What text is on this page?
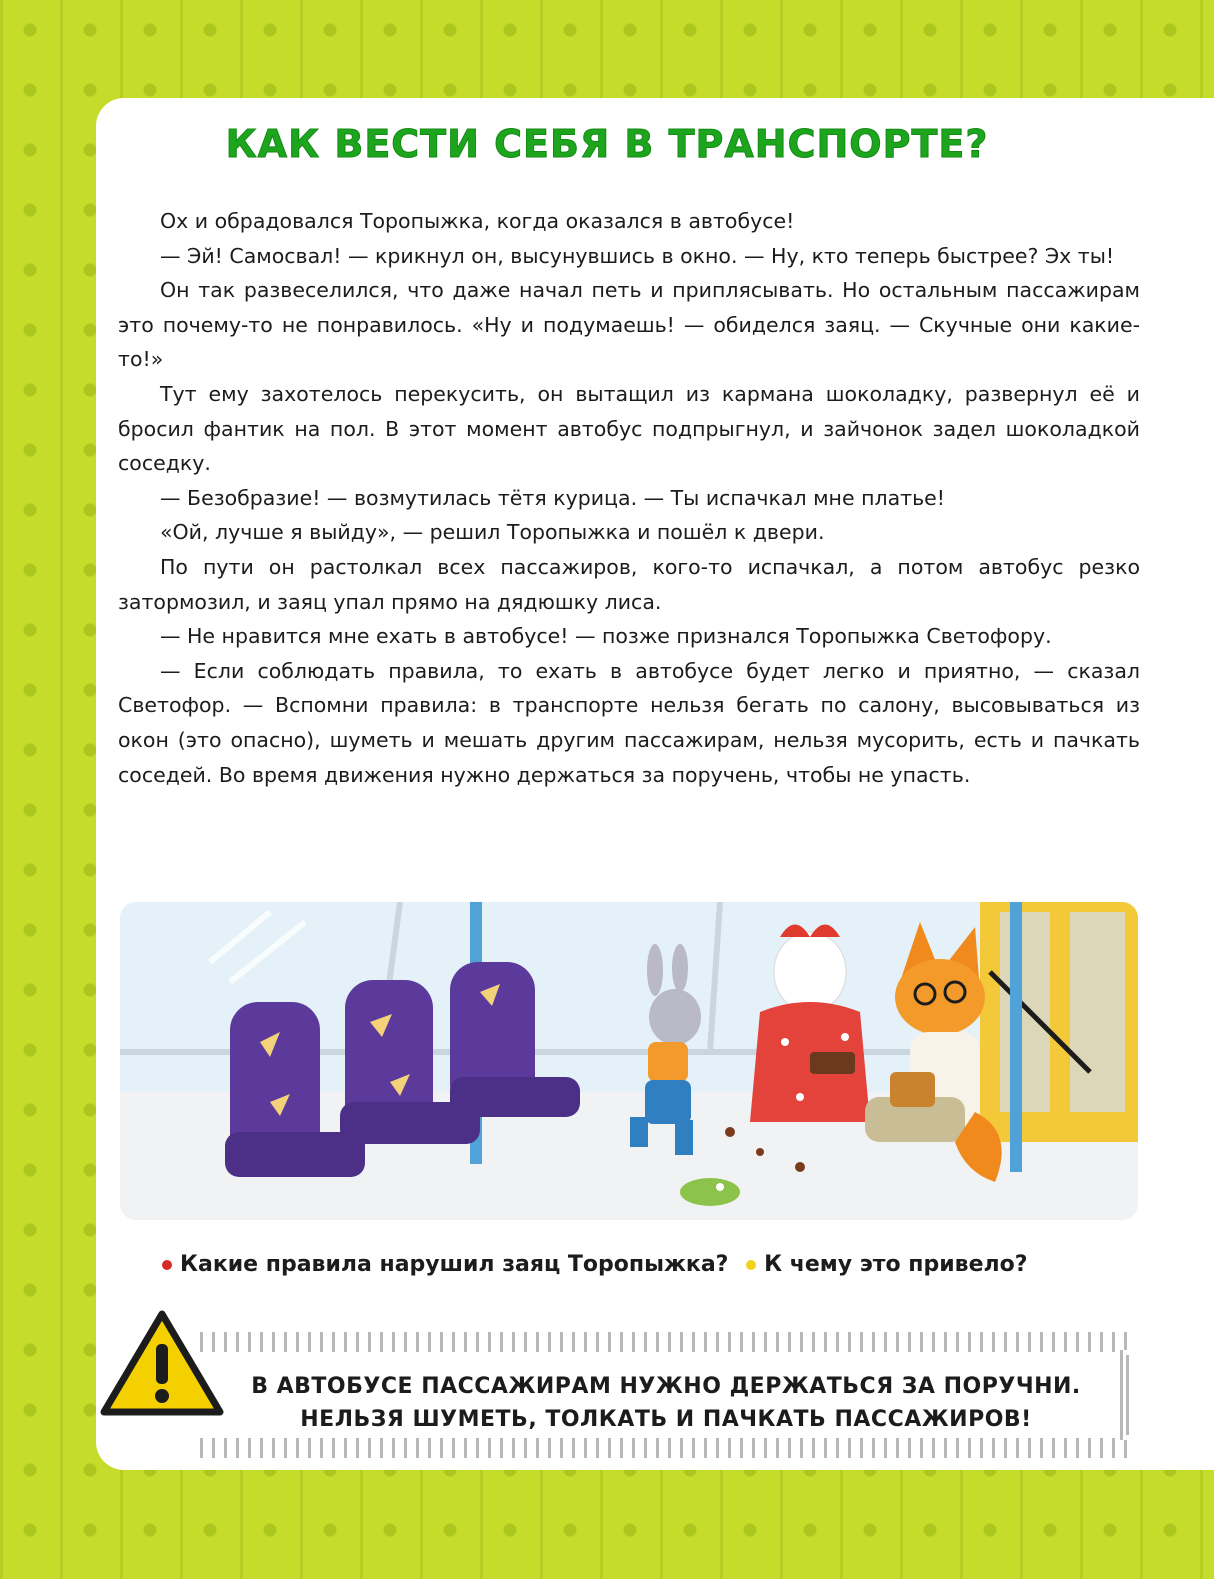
КАК ВЕСТИ СЕБЯ В ТРАНСПОРТЕ?

Ох и обрадовался Торопыжка, когда оказался в автобусе!

— Эй! Самосвал! — крикнул он, высунувшись в окно. — Ну, кто теперь быстрее? Эх ты!

Он так развеселился, что даже начал петь и приплясывать. Но остальным пассажирам это почему-то не понравилось. «Ну и подумаешь! — обиделся заяц. — Скучные они какие-то!»

Тут ему захотелось перекусить, он вытащил из кармана шоколадку, развернул её и бросил фантик на пол. В этот момент автобус подпрыгнул, и зайчонок задел шоколадкой соседку.

— Безобразие! — возмутилась тётя курица. — Ты испачкал мне платье!

«Ой, лучше я выйду», — решил Торопыжка и пошёл к двери.

По пути он растолкал всех пассажиров, кого-то испачкал, а потом автобус резко затормозил, и заяц упал прямо на дядюшку лиса.

— Не нравится мне ехать в автобусе! — позже признался Торопыжка Светофору.

— Если соблюдать правила, то ехать в автобусе будет легко и приятно, — сказал Светофор. — Вспомни правила: в транспорте нельзя бегать по салону, высовываться из окон (это опасно), шуметь и мешать другим пассажирам, нельзя мусорить, есть и пачкать соседей. Во время движения нужно держаться за поручень, чтобы не упасть.

Какие правила нарушил заяц Торопыжка? К чему это привело?
В АВТОБУСЕ ПАССАЖИРАМ НУЖНО ДЕРЖАТЬСЯ ЗА ПОРУЧНИ.
НЕЛЬЗЯ ШУМЕТЬ, ТОЛКАТЬ И ПАЧКАТЬ ПАССАЖИРОВ!
